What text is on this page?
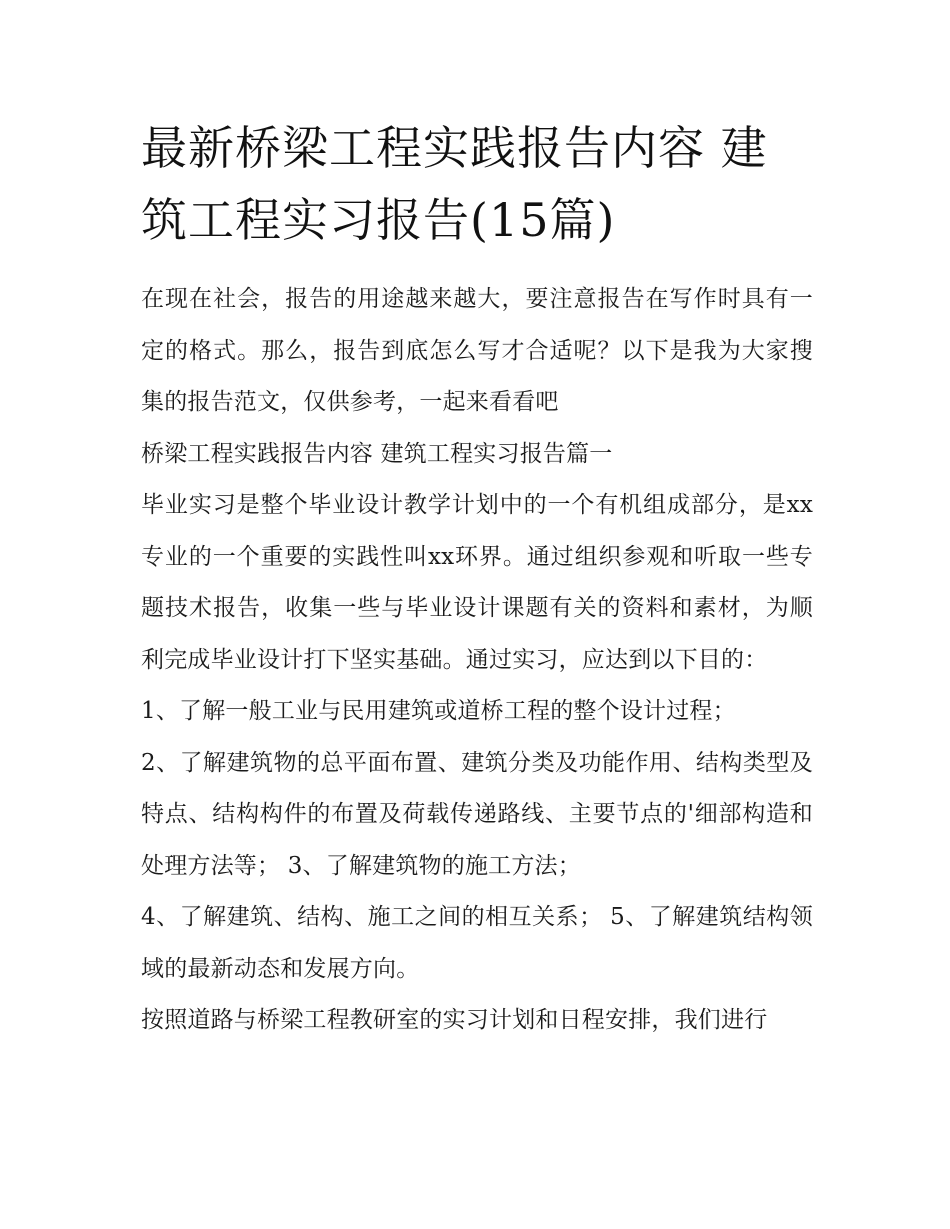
最新桥梁工程实践报告内容 建筑工程实习报告(15篇)

在现在社会，报告的用途越来越大，要注意报告在写作时具有一定的格式。那么，报告到底怎么写才合适呢？以下是我为大家搜集的报告范文，仅供参考，一起来看看吧

桥梁工程实践报告内容 建筑工程实习报告篇一

毕业实习是整个毕业设计教学计划中的一个有机组成部分，是xx专业的一个重要的实践性叫xx环界。通过组织参观和听取一些专题技术报告，收集一些与毕业设计课题有关的资料和素材，为顺利完成毕业设计打下坚实基础。通过实习，应达到以下目的：

1、了解一般工业与民用建筑或道桥工程的整个设计过程；

2、了解建筑物的总平面布置、建筑分类及功能作用、结构类型及特点、结构构件的布置及荷载传递路线、主要节点的'细部构造和处理方法等； 3、了解建筑物的施工方法；

4、了解建筑、结构、施工之间的相互关系； 5、了解建筑结构领域的最新动态和发展方向。

按照道路与桥梁工程教研室的实习计划和日程安排，我们进行
